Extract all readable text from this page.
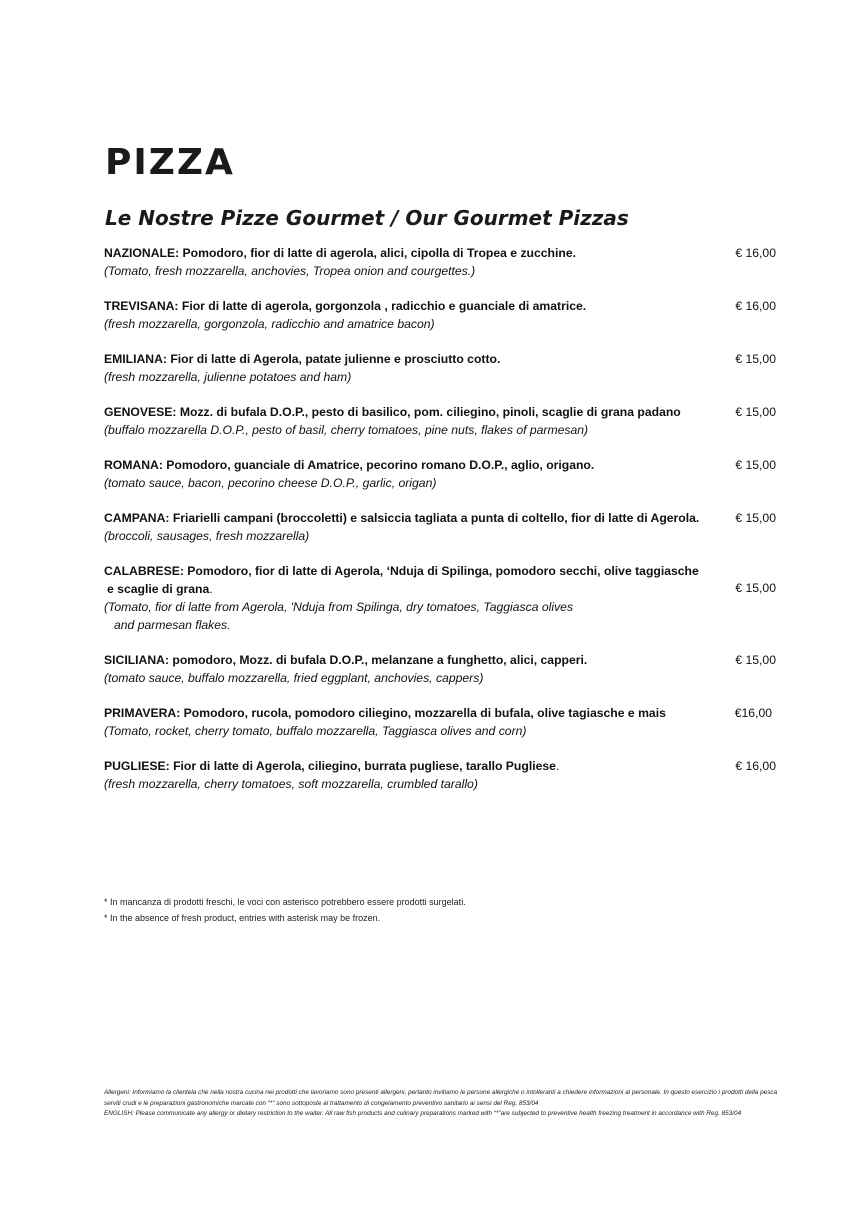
PIZZA
Le Nostre Pizze Gourmet / Our Gourmet Pizzas
NAZIONALE: Pomodoro, fior di latte di agerola, alici, cipolla di Tropea e zucchine.
(Tomato, fresh mozzarella, anchovies, Tropea onion and courgettes.)
€ 16,00
TREVISANA: Fior di latte di agerola, gorgonzola , radicchio e guanciale di amatrice.
(fresh mozzarella, gorgonzola, radicchio and amatrice bacon)
€ 16,00
EMILIANA: Fior di latte di Agerola, patate julienne e prosciutto cotto.
(fresh mozzarella, julienne potatoes and ham)
€ 15,00
GENOVESE: Mozz. di bufala D.O.P., pesto di basilico, pom. ciliegino, pinoli, scaglie di grana padano
(buffalo mozzarella D.O.P., pesto of basil, cherry tomatoes, pine nuts, flakes of parmesan)
€ 15,00
ROMANA: Pomodoro, guanciale di Amatrice, pecorino romano D.O.P., aglio, origano.
(tomato sauce, bacon, pecorino cheese D.O.P., garlic, origan)
€ 15,00
CAMPANA: Friarielli campani (broccoletti) e salsiccia tagliata a punta di coltello, fior di latte di Agerola.
(broccoli, sausages, fresh mozzarella)
€ 15,00
CALABRESE: Pomodoro, fior di latte di Agerola, ‘Nduja di Spilinga, pomodoro secchi, olive taggiasche
e scaglie di grana.
(Tomato, fior di latte from Agerola, 'Nduja from Spilinga, dry tomatoes, Taggiasca olives
and parmesan flakes.
€ 15,00
SICILIANA: pomodoro, Mozz. di bufala D.O.P., melanzane a funghetto, alici, capperi.
(tomato sauce, buffalo mozzarella, fried eggplant, anchovies, cappers)
€ 15,00
PRIMAVERA: Pomodoro, rucola, pomodoro ciliegino, mozzarella di bufala, olive tagiasche e mais
(Tomato, rocket, cherry tomato, buffalo mozzarella, Taggiasca olives and corn)
€16,00
PUGLIESE: Fior di latte di Agerola, ciliegino, burrata pugliese, tarallo Pugliese.
(fresh mozzarella, cherry tomatoes, soft mozzarella, crumbled tarallo)
€ 16,00
* In mancanza di prodotti freschi, le voci con asterisco potrebbero essere prodotti surgelati.
* In the absence of fresh product, entries with asterisk may be frozen.
Allergeni: Informiamo la clientela che nella nostra cucina nei prodotti che lavoriamo sono presenti allergeni, pertanto invitiamo le persone allergiche o intolleranti a chiedere informazioni al personale. In questo esercizio i prodotti della pesca serviti crudi e le preparazioni gastronomiche marcate con “*” sono sottoposte al trattamento di congelamento preventivo sanitario ai sensi del Reg. 853/04
ENGLISH: Please communicate any allergy or dietary restriction to the waiter. All raw fish products and culinary preparations marked with “*”are subjected to preventive health freezing treatment in accordance with Reg. 853/04
